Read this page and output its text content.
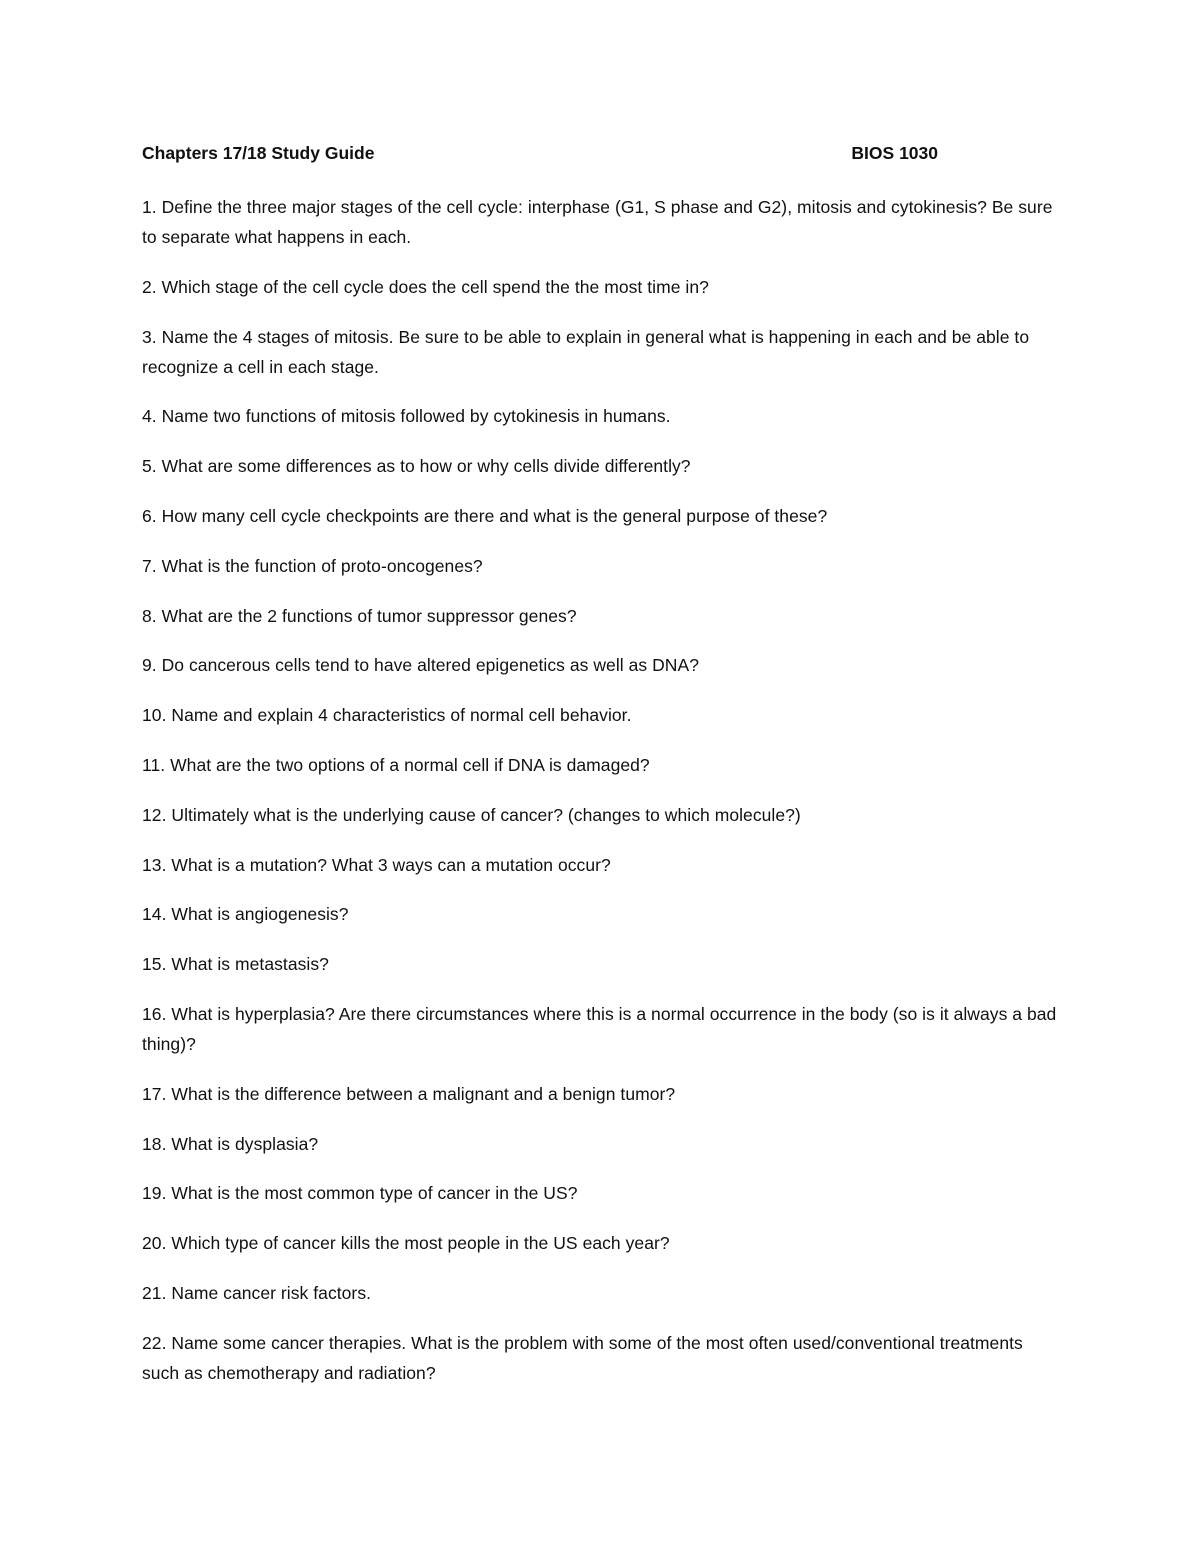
Chapters 17/18 Study Guide	BIOS 1030
1. Define the three major stages of the cell cycle: interphase (G1, S phase and G2), mitosis and cytokinesis? Be sure to separate what happens in each.
2. Which stage of the cell cycle does the cell spend the the most time in?
3. Name the 4 stages of mitosis. Be sure to be able to explain in general what is happening in each and be able to recognize a cell in each stage.
4. Name two functions of mitosis followed by cytokinesis in humans.
5. What are some differences as to how or why cells divide differently?
6. How many cell cycle checkpoints are there and what is the general purpose of these?
7. What is the function of proto-oncogenes?
8. What are the 2 functions of tumor suppressor genes?
9. Do cancerous cells tend to have altered epigenetics as well as DNA?
10. Name and explain 4 characteristics of normal cell behavior.
11. What are the two options of a normal cell if DNA is damaged?
12. Ultimately what is the underlying cause of cancer? (changes to which molecule?)
13. What is a mutation? What 3 ways can a mutation occur?
14. What is angiogenesis?
15. What is metastasis?
16. What is hyperplasia? Are there circumstances where this is a normal occurrence in the body (so is it always a bad thing)?
17. What is the difference between a malignant and a benign tumor?
18. What is dysplasia?
19. What is the most common type of cancer in the US?
20. Which type of cancer kills the most people in the US each year?
21. Name cancer risk factors.
22. Name some cancer therapies. What is the problem with some of the most often used/conventional treatments such as chemotherapy and radiation?
